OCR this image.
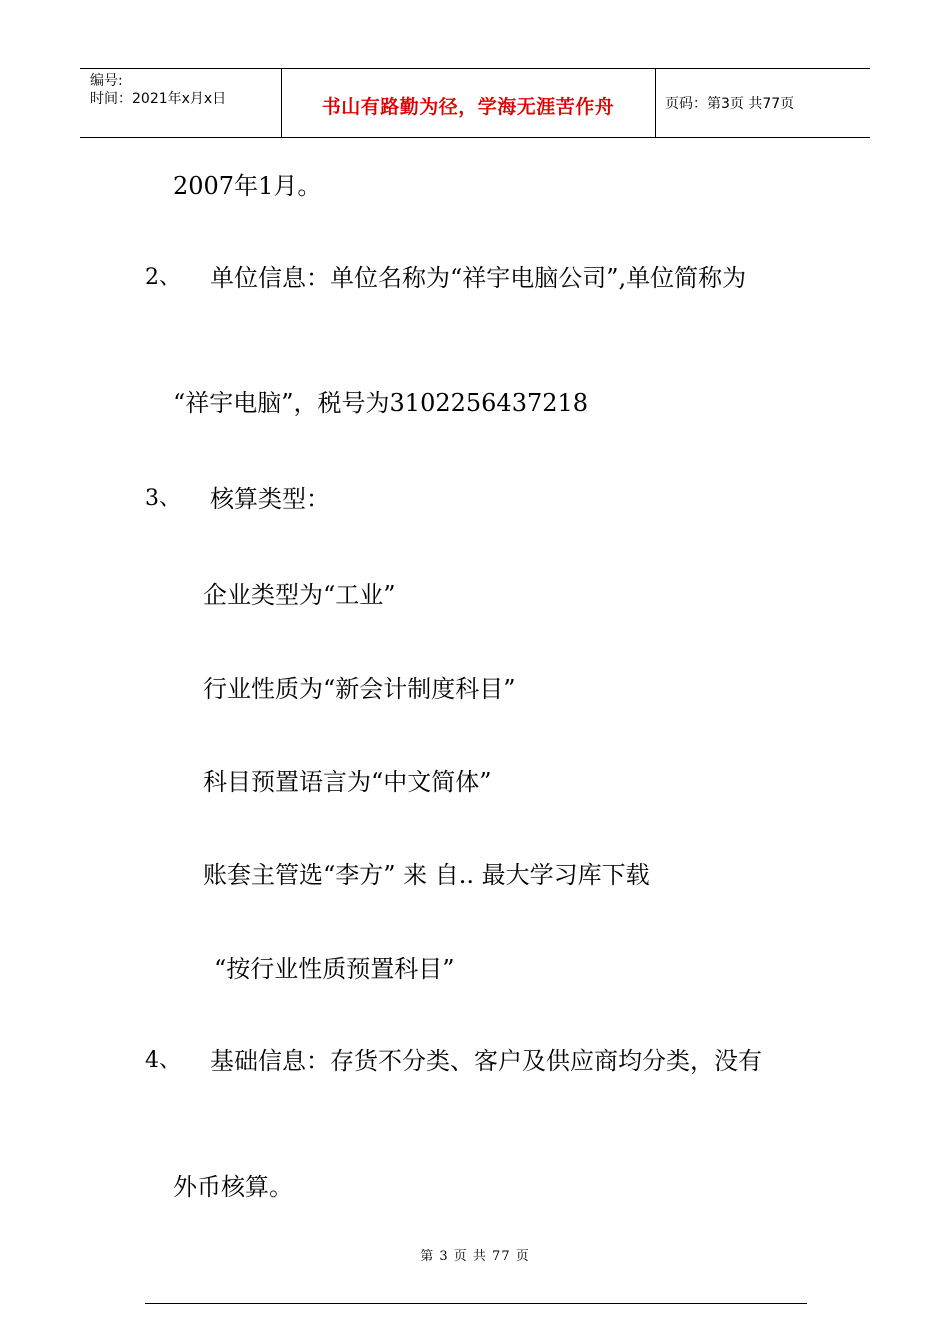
编号:
时间：2021年x月x日	书山有路勤为径，学海无涯苦作舟	页码：第3页 共77页
2007年1月。
2、 单位信息：单位名称为“祥宇电脑公司”,单位简称为
“祥宇电脑”，税号为3102256437218
3、 核算类型：
企业类型为“工业”
行业性质为“新会计制度科目”
科目预置语言为“中文简体”
账套主管选“李方” 来 自.. 最大学习库下载
“按行业性质预置科目”
4、 基础信息：存货不分类、客户及供应商均分类，没有
外币核算。
第 3 页 共 77 页
